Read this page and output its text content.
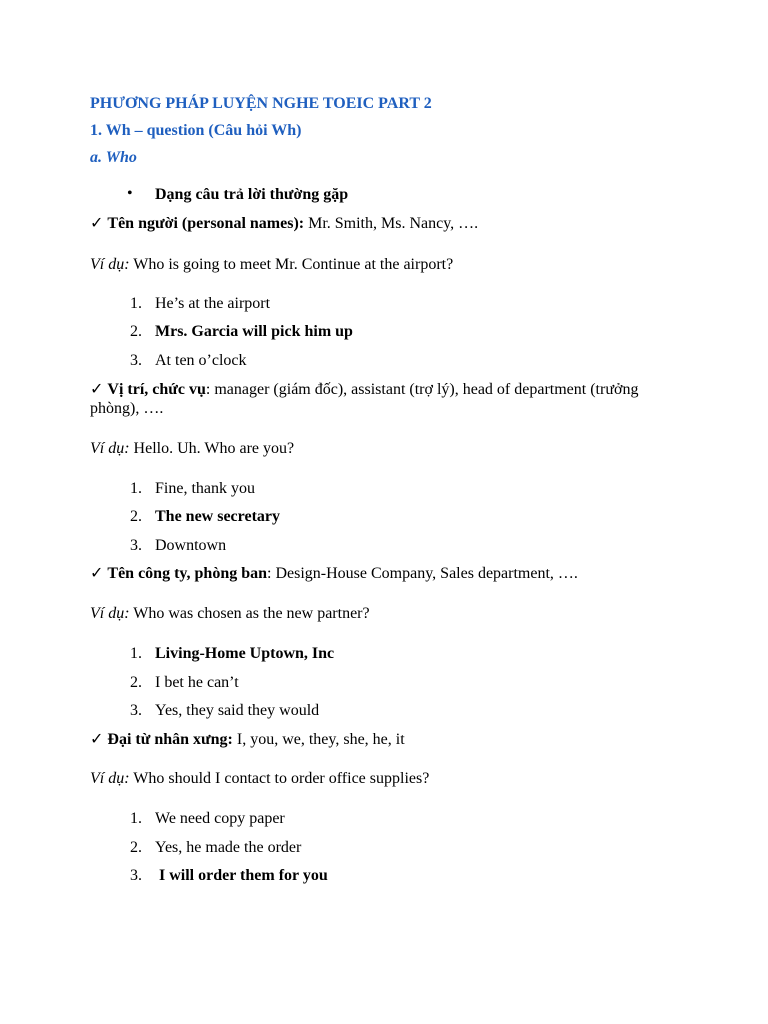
PHƯƠNG PHÁP LUYỆN NGHE TOEIC PART 2
1. Wh – question (Câu hỏi Wh)
a. Who
• Dạng câu trả lời thường gặp
✓ Tên người (personal names): Mr. Smith, Ms. Nancy, ….
Ví dụ: Who is going to meet Mr. Continue at the airport?
1. He’s at the airport
2. Mrs. Garcia will pick him up
3. At ten o’clock
✓ Vị trí, chức vụ: manager (giám đốc), assistant (trợ lý), head of department (trưởng phòng), ….
Ví dụ: Hello. Uh. Who are you?
1. Fine, thank you
2. The new secretary
3. Downtown
✓ Tên công ty, phòng ban: Design-House Company, Sales department, ….
Ví dụ: Who was chosen as the new partner?
1. Living-Home Uptown, Inc
2. I bet he can’t
3. Yes, they said they would
✓ Đại từ nhân xưng: I, you, we, they, she, he, it
Ví dụ: Who should I contact to order office supplies?
1. We need copy paper
2. Yes, he made the order
3. I will order them for you
